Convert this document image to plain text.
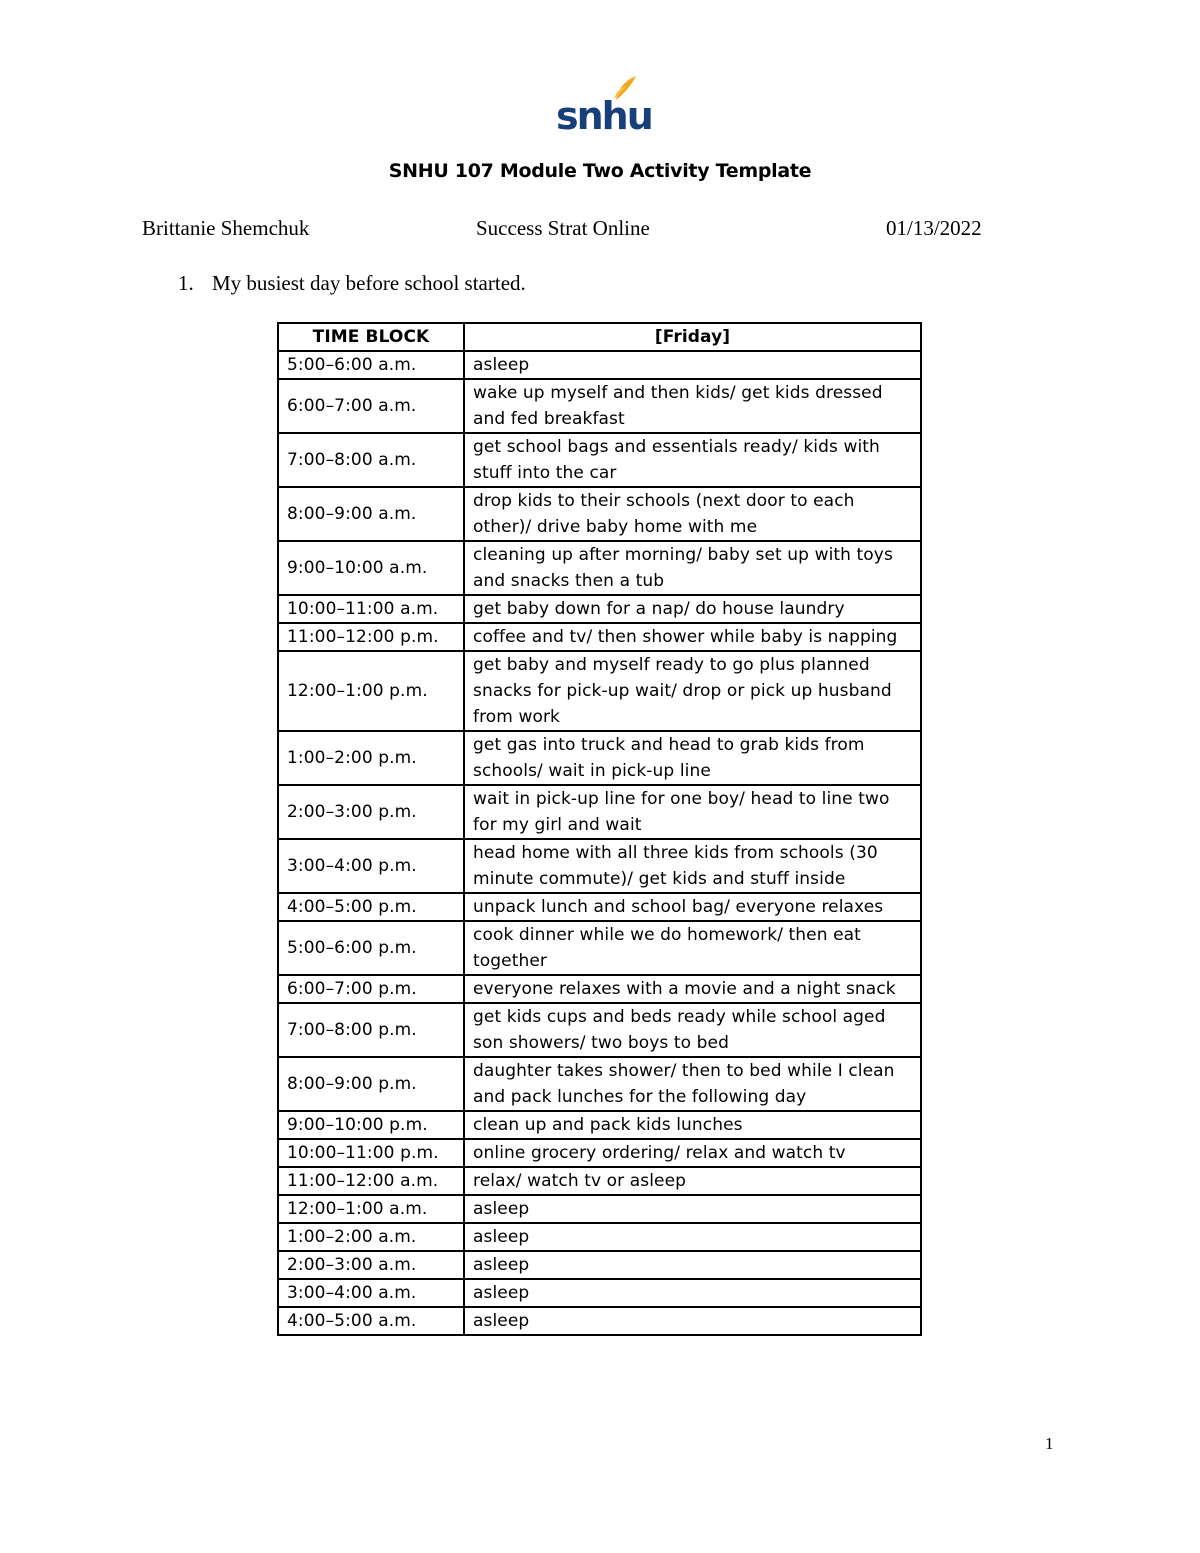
snhu
SNHU 107 Module Two Activity Template
Brittanie Shemchuk	Success Strat Online	01/13/2022
1. My busiest day before school started.
TIME BLOCK	[Friday]
5:00–6:00 a.m.	asleep
6:00–7:00 a.m.	wake up myself and then kids/ get kids dressed and fed breakfast
7:00–8:00 a.m.	get school bags and essentials ready/ kids with stuff into the car
8:00–9:00 a.m.	drop kids to their schools (next door to each other)/ drive baby home with me
9:00–10:00 a.m.	cleaning up after morning/ baby set up with toys and snacks then a tub
10:00–11:00 a.m.	get baby down for a nap/ do house laundry
11:00–12:00 p.m.	coffee and tv/ then shower while baby is napping
12:00–1:00 p.m.	get baby and myself ready to go plus planned snacks for pick-up wait/ drop or pick up husband from work
1:00–2:00 p.m.	get gas into truck and head to grab kids from schools/ wait in pick-up line
2:00–3:00 p.m.	wait in pick-up line for one boy/ head to line two for my girl and wait
3:00–4:00 p.m.	head home with all three kids from schools (30 minute commute)/ get kids and stuff inside
4:00–5:00 p.m.	unpack lunch and school bag/ everyone relaxes
5:00–6:00 p.m.	cook dinner while we do homework/ then eat together
6:00–7:00 p.m.	everyone relaxes with a movie and a night snack
7:00–8:00 p.m.	get kids cups and beds ready while school aged son showers/ two boys to bed
8:00–9:00 p.m.	daughter takes shower/ then to bed while I clean and pack lunches for the following day
9:00–10:00 p.m.	clean up and pack kids lunches
10:00–11:00 p.m.	online grocery ordering/ relax and watch tv
11:00–12:00 a.m.	relax/ watch tv or asleep
12:00–1:00 a.m.	asleep
1:00–2:00 a.m.	asleep
2:00–3:00 a.m.	asleep
3:00–4:00 a.m.	asleep
4:00–5:00 a.m.	asleep
1
